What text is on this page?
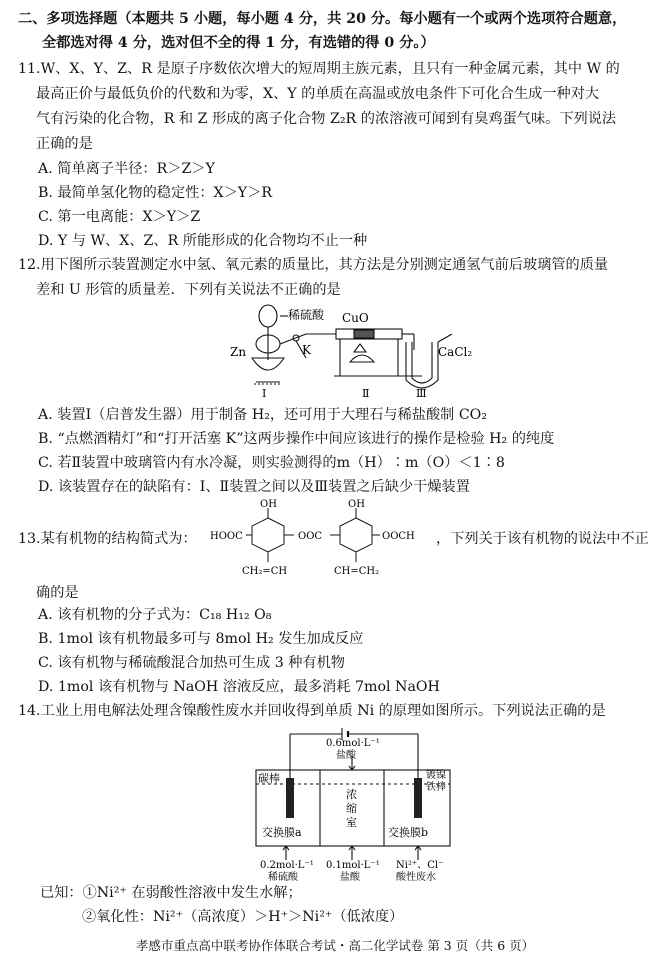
二、多项选择题（本题共 5 小题，每小题 4 分，共 20 分。每小题有一个或两个选项符合题意，
全都选对得 4 分，选对但不全的得 1 分，有选错的得 0 分。）
11.W、X、Y、Z、R 是原子序数依次增大的短周期主族元素，且只有一种金属元素，其中 W 的
最高正价与最低负价的代数和为零，X、Y 的单质在高温或放电条件下可化合生成一种对大
气有污染的化合物，R 和 Z 形成的离子化合物 Z₂R 的浓溶液可闻到有臭鸡蛋气味。下列说法
正确的是
A. 简单离子半径：R＞Z＞Y
B. 最简单氢化物的稳定性：X＞Y＞R
C. 第一电离能：X＞Y＞Z
D. Y 与 W、X、Z、R 所能形成的化合物均不止一种
12.用下图所示装置测定水中氢、氧元素的质量比，其方法是分别测定通氢气前后玻璃管的质量
差和 U 形管的质量差．下列有关说法不正确的是
稀硫酸 CuO
Zn	K	CaCl₂
Ⅰ	Ⅱ	Ⅲ
A. 装置Ⅰ（启普发生器）用于制备 H₂，还可用于大理石与稀盐酸制 CO₂
B. “点燃酒精灯”和“打开活塞 K”这两步操作中间应该进行的操作是检验 H₂ 的纯度
C. 若Ⅱ装置中玻璃管内有水冷凝，则实验测得的m（H）∶m（O）＜1∶8
D. 该装置存在的缺陷有：Ⅰ、Ⅱ装置之间以及Ⅲ装置之后缺少干燥装置
13.某有机物的结构简式为：
OH	OH
HOOC	OOC	OOCH
CH₂=CH	CH=CH₂
，下列关于该有机物的说法中不正
确的是
A. 该有机物的分子式为：C₁₈ H₁₂ O₈
B. 1mol 该有机物最多可与 8mol H₂ 发生加成反应
C. 该有机物与稀硫酸混合加热可生成 3 种有机物
D. 1mol 该有机物与 NaOH 溶液反应，最多消耗 7mol NaOH
14.工业上用电解法处理含镍酸性废水并回收得到单质 Ni 的原理如图所示。下列说法正确的是
0.6mol·L⁻¹
盐酸
碳棒	镀镍
铁棒
浓
缩
室
交换膜a	交换膜b
0.2mol·L⁻¹
稀硫酸
0.1mol·L⁻¹
盐酸
Ni²⁺、Cl⁻
酸性废水
已知：①Ni²⁺ 在弱酸性溶液中发生水解；
②氧化性：Ni²⁺（高浓度）＞H⁺＞Ni²⁺（低浓度）
孝感市重点高中联考协作体联合考试・高二化学试卷 第 3 页（共 6 页）
